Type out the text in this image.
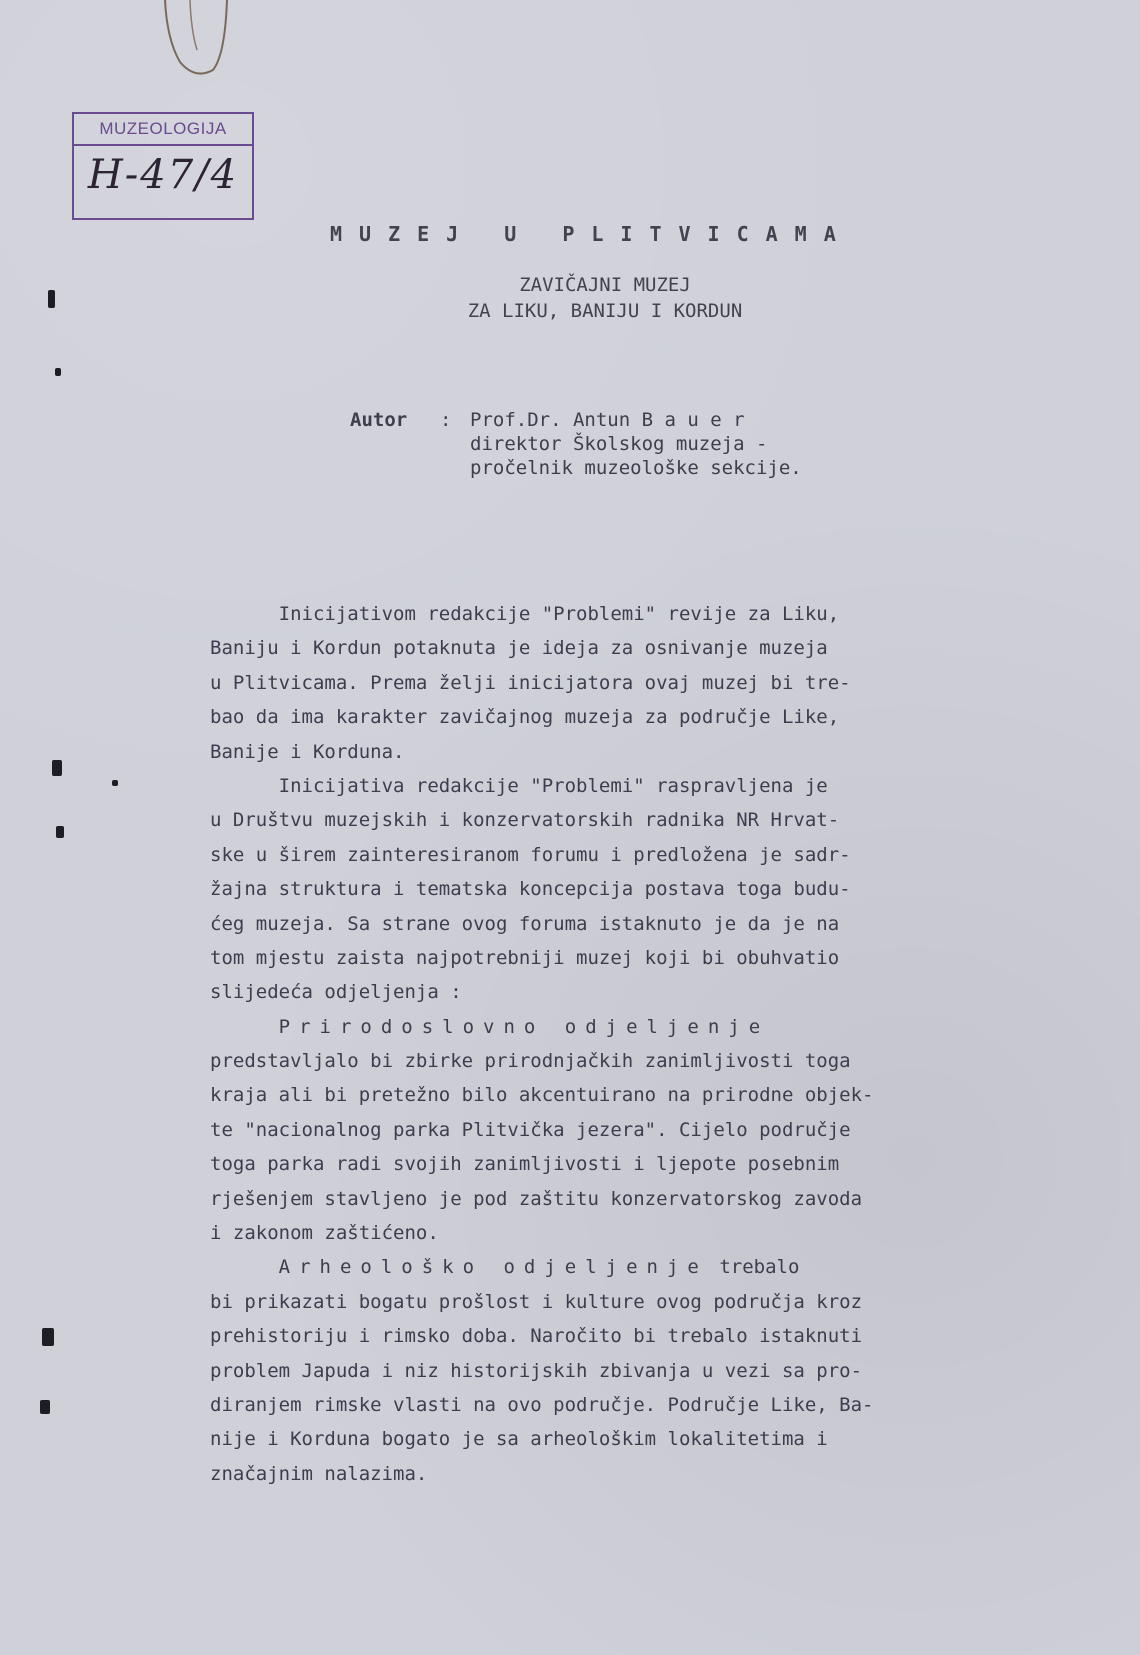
MUZEOLOGIJA
H-47/4
MUZEJ U PLITVICAMA
ZAVIČAJNI MUZEJ
ZA LIKU, BANIJU I KORDUN
Autor : Prof.Dr. Antun B a u e r
direktor Školskog muzeja -
pročelnik muzeološke sekcije.
Inicijativom redakcije "Problemi" revije za Liku,
Baniju i Kordun potaknuta je ideja za osnivanje muzeja
u Plitvicama. Prema želji inicijatora ovaj muzej bi tre-
bao da ima karakter zavičajnog muzeja za područje Like,
Banije i Korduna.
Inicijativa redakcije "Problemi" raspravljena je
u Društvu muzejskih i konzervatorskih radnika NR Hrvat-
ske u širem zainteresiranom forumu i predložena je sadr-
žajna struktura i tematska koncepcija postava toga budu-
ćeg muzeja. Sa strane ovog foruma istaknuto je da je na
tom mjestu zaista najpotrebniji muzej koji bi obuhvatio
slijedeća odjeljenja :
Prirodoslovno odjeljenje
predstavljalo bi zbirke prirodnjačkih zanimljivosti toga
kraja ali bi pretežno bilo akcentuirano na prirodne objek-
te "nacionalnog parka Plitvička jezera". Cijelo područje
toga parka radi svojih zanimljivosti i ljepote posebnim
rješenjem stavljeno je pod zaštitu konzervatorskog zavoda
i zakonom zaštićeno.
Arheološko odjeljenje trebalo
bi prikazati bogatu prošlost i kulture ovog područja kroz
prehistoriju i rimsko doba. Naročito bi trebalo istaknuti
problem Japuda i niz historijskih zbivanja u vezi sa pro-
diranjem rimske vlasti na ovo područje. Područje Like, Ba-
nije i Korduna bogato je sa arheološkim lokalitetima i
značajnim nalazima.
